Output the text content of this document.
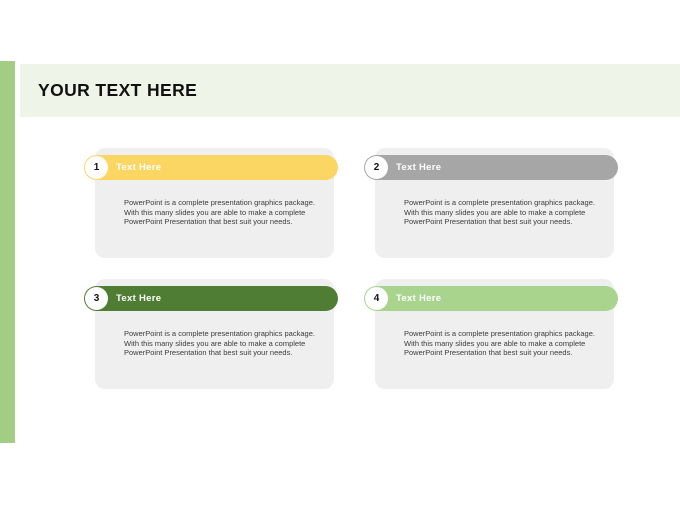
YOUR TEXT HERE

PowerPoint is a complete presentation graphics package. With this many slides you are able to make a complete PowerPoint Presentation that best suit your needs.

1	Text Here

PowerPoint is a complete presentation graphics package. With this many slides you are able to make a complete PowerPoint Presentation that best suit your needs.

2	Text Here

PowerPoint is a complete presentation graphics package. With this many slides you are able to make a complete PowerPoint Presentation that best suit your needs.

3	Text Here

PowerPoint is a complete presentation graphics package. With this many slides you are able to make a complete PowerPoint Presentation that best suit your needs.

4	Text Here
